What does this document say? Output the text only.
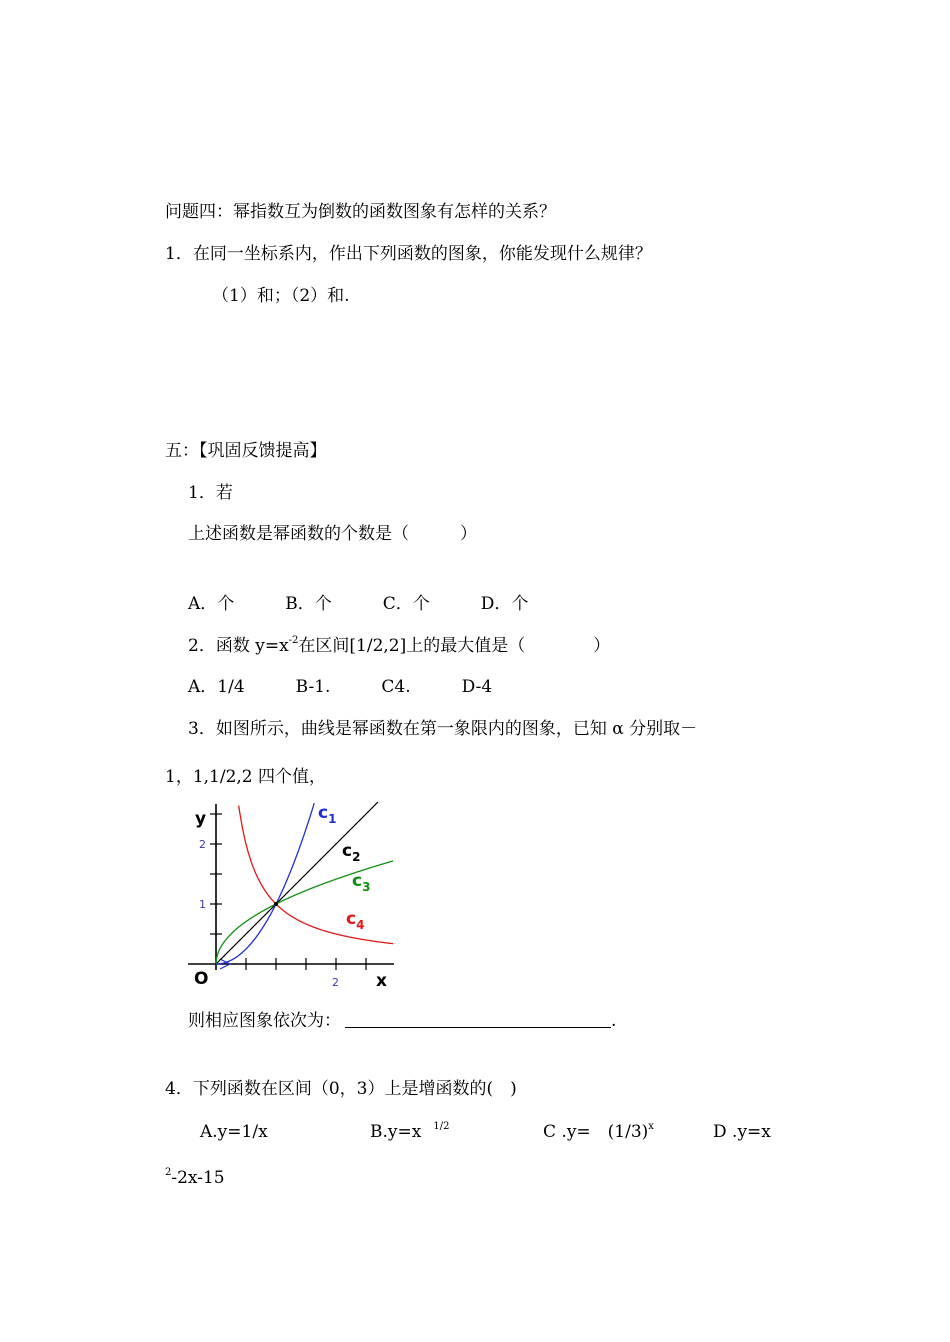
问题四：幂指数互为倒数的函数图象有怎样的关系？
1．在同一坐标系内，作出下列函数的图象，你能发现什么规律？
（1）和；（2）和.
五：【巩固反馈提高】
1．若
上述函数是幂函数的个数是（　　　）
A．个　　　B．个　　　C．个　　　D．个
2．函数 $y=x^{-2}$在区间[1/2,2]上的最大值是（　　　　）
A．1/4　　　B-1.　　　C4.　　　D-4
3．如图所示，曲线是幂函数在第一象限内的图象，已知 α 分别取－
1，1,1/2,2 四个值，
y
x
O
2
1
2
$c_1$
$c_2$
$c_3$
$c_4$
则相应图象依次为：	.
4．下列函数在区间（0，3）上是增函数的(　)
A.y=1/x	B.y=x $^{1/2}$	C .y=　$(1/3)^x$	D .y=x
$^2$-2x-15
